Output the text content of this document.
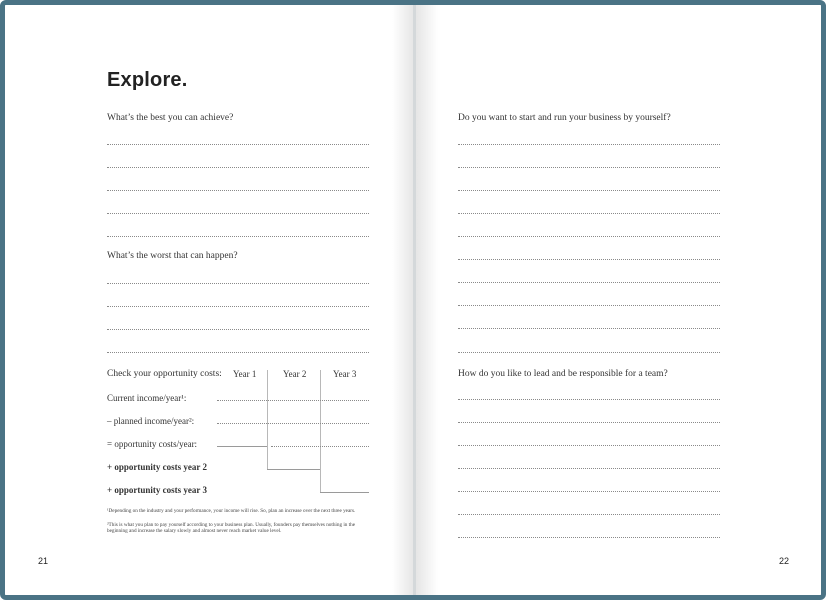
Explore.
What’s the best you can achieve?
What’s the worst that can happen?
Check your opportunity costs: Year 1	Year 2	Year 3
Current income/year¹:
– planned income/year²:
= opportunity costs/year:
+ opportunity costs year 2
+ opportunity costs year 3
¹Depending on the industry and your performance, your income will rise. So, plan an increase over the next three years.
²This is what you plan to pay yourself according to your business plan. Usually, founders pay themselves nothing in the beginning and increase the salary slowly and almost never reach market value level.
21
Do you want to start and run your business by yourself?
How do you like to lead and be responsible for a team?
22
